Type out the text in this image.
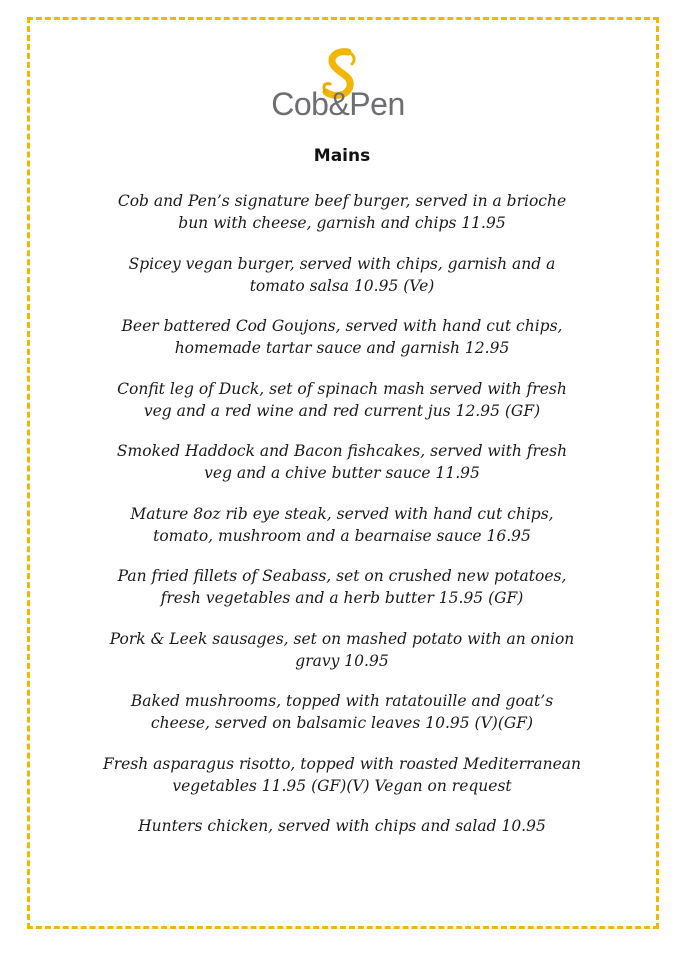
Cob&Pen
Mains
Cob and Pen’s signature beef burger, served in a brioche
bun with cheese, garnish and chips 11.95
Spicey vegan burger, served with chips, garnish and a
tomato salsa 10.95 (Ve)
Beer battered Cod Goujons, served with hand cut chips,
homemade tartar sauce and garnish 12.95
Confit leg of Duck, set of spinach mash served with fresh
veg and a red wine and red current jus 12.95 (GF)
Smoked Haddock and Bacon fishcakes, served with fresh
veg and a chive butter sauce 11.95
Mature 8oz rib eye steak, served with hand cut chips,
tomato, mushroom and a bearnaise sauce 16.95
Pan fried fillets of Seabass, set on crushed new potatoes,
fresh vegetables and a herb butter 15.95 (GF)
Pork & Leek sausages, set on mashed potato with an onion
gravy 10.95
Baked mushrooms, topped with ratatouille and goat’s
cheese, served on balsamic leaves 10.95 (V)(GF)
Fresh asparagus risotto, topped with roasted Mediterranean
vegetables 11.95 (GF)(V) Vegan on request
Hunters chicken, served with chips and salad 10.95
